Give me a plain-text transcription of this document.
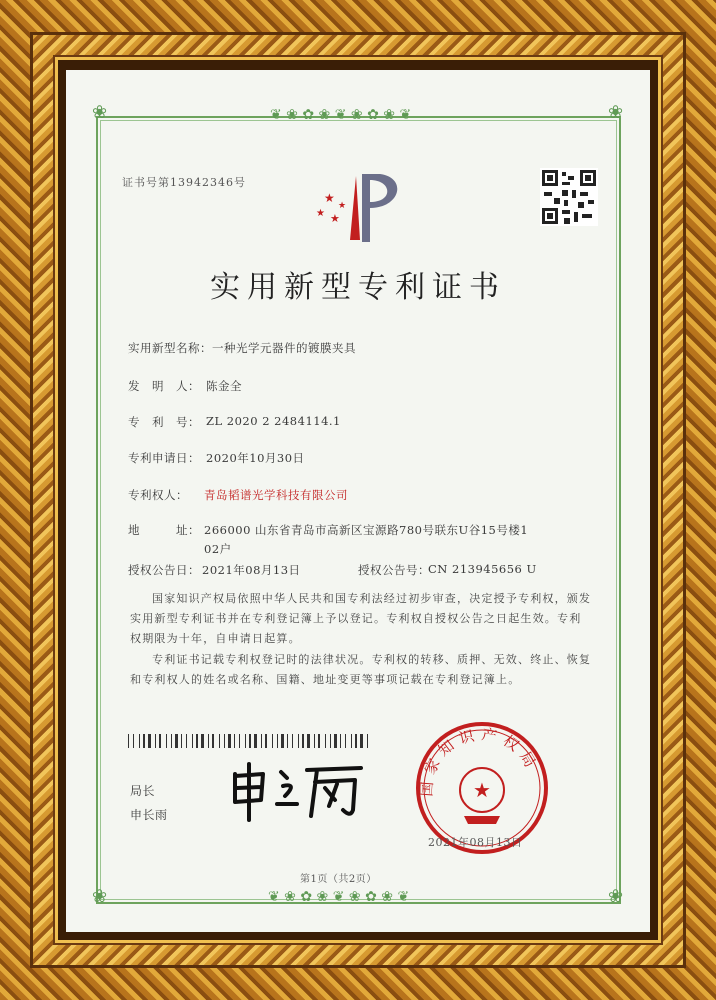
❦ ❀ ✿ ❀ ❦ ❀ ✿ ❀ ❦
❦ ❀ ✿ ❀ ❦ ❀ ✿ ❀ ❦
❀	❀
❀	❀
证书号第13942346号
★
★ ★
★
实用新型专利证书
实用新型名称： 一种光学元器件的镀膜夹具
发　明　人： 陈金全
专　利　号： ZL 2020 2 2484114.1
专利申请日： 2020年10月30日
专利权人： 青岛韬谱光学科技有限公司
地　　　址： 266000 山东省青岛市高新区宝源路780号联东U谷15号楼1
02户
授权公告日： 2021年08月13日	授权公告号：
CN 213945656 U
国家知识产权局依照中华人民共和国专利法经过初步审查，决定授予专利权，颁发实用新型专利证书并在专利登记簿上予以登记。专利权自授权公告之日起生效。专利权期限为十年，自申请日起算。
专利证书记载专利权登记时的法律状况。专利权的转移、质押、无效、终止、恢复和专利权人的姓名或名称、国籍、地址变更等事项记载在专利登记簿上。
局长
申长雨
国家知识产权局
★
2021年08月13日
第1页（共2页）
